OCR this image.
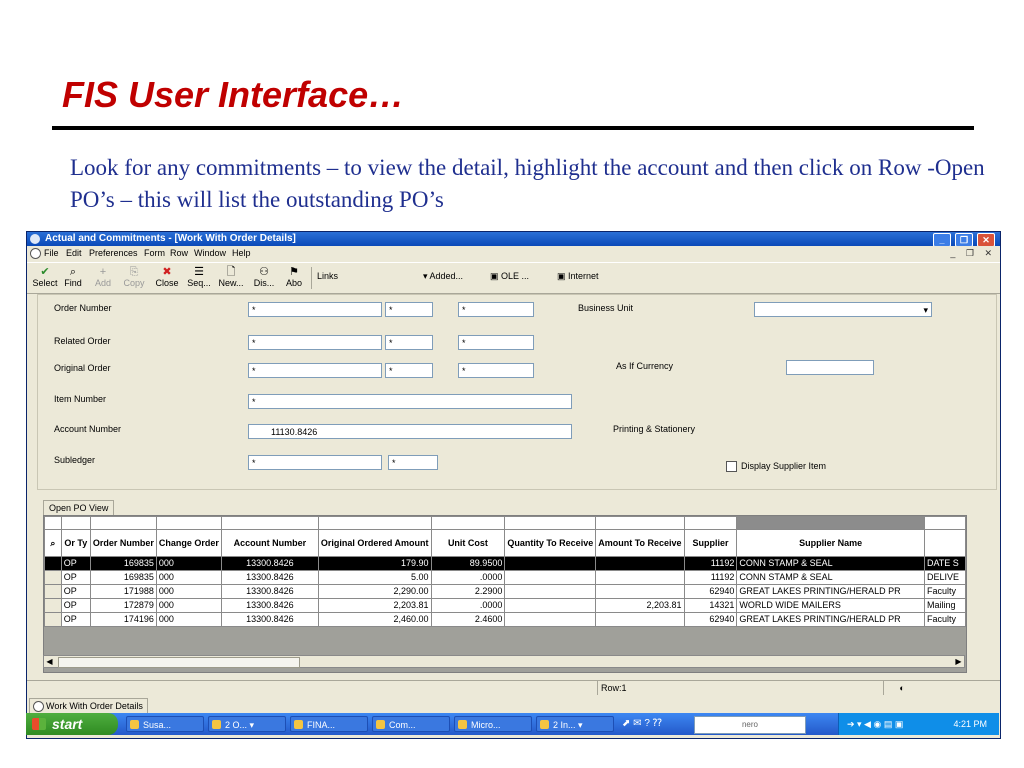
FIS User Interface…
Look for any commitments – to view the detail, highlight the account and then click on Row -Open PO’s – this will list the outstanding PO’s
Actual and Commitments - [Work With Order Details]	_	❐	✕
File Edit Preferences Form Row Window Help	_ ❐ ✕
✔
Select
⌕
Find
+
Add
⎘
Copy
✖
Close
☰
Seq...
🗋
New...
⚇
Dis...
⚑
Abo
Links	▾ Added...	▣ OLE ...	▣ Internet
Order Number	*	*	*	Business Unit
▾
Related Order	*	*	*
Original Order	*	*	*	As If Currency
Item Number	*
Account Number	11130.8426	Printing & Stationery
Subledger	*	*	Display Supplier Item
Open PO View

⌕	Or Ty	Order Number	Change Order	Account Number	Original Ordered Amount	Unit Cost	Quantity To Receive	Amount To Receive	Supplier	Supplier Name	
	OP	169835	000	13300.8426	179.90	89.9500			11192	CONN STAMP & SEAL	DATE S
	OP	169835	000	13300.8426	5.00	.0000			11192	CONN STAMP & SEAL	DELIVE
	OP	171988	000	13300.8426	2,290.00	2.2900			62940	GREAT LAKES PRINTING/HERALD PR	Faculty
	OP	172879	000	13300.8426	2,203.81	.0000		2,203.81	14321	WORLD WIDE MAILERS	Mailing
	OP	174196	000	13300.8426	2,460.00	2.4600			62940	GREAT LAKES PRINTING/HERALD PR	Faculty
◀	▶
Row:1	◐
Work With Order Details
start	Susa...	2 O... ▾	FINA...	Com...	Micro...	2 In... ▾	⬈ ✉ ? ⁇	nero	➔ ▾ ◀ ◉ ▤ ▣	4:21 PM
